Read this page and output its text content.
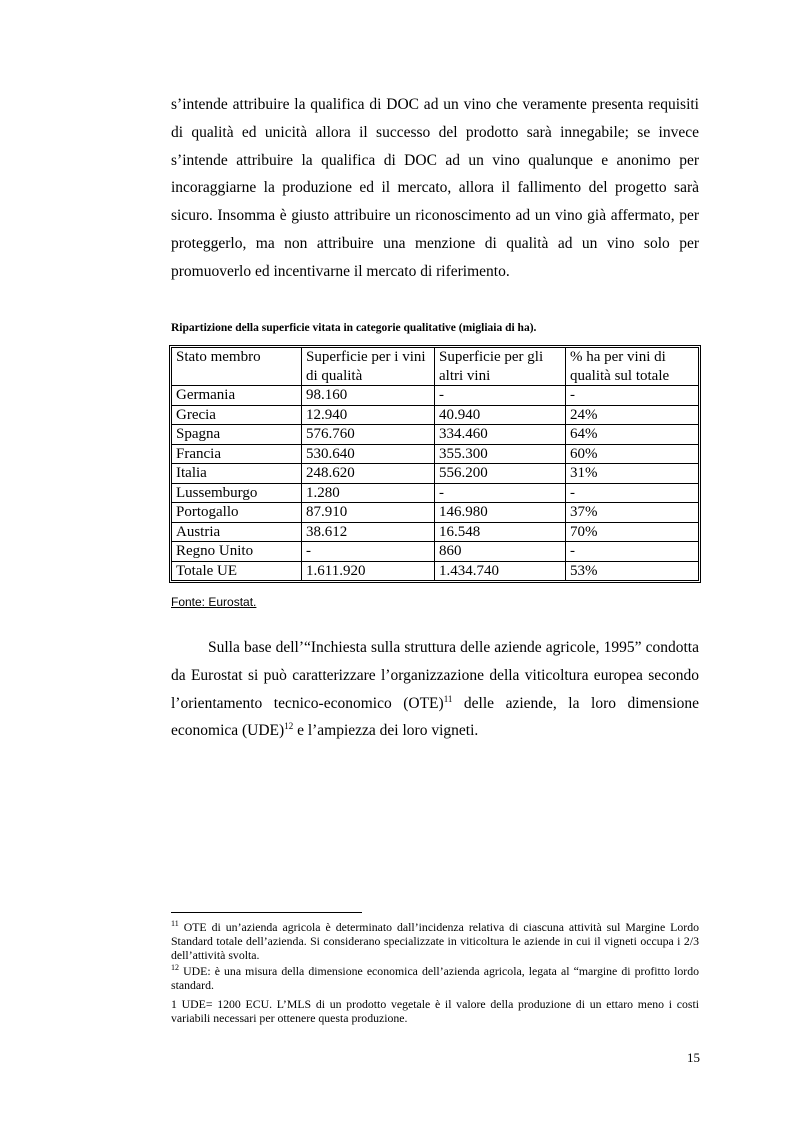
s’intende attribuire la qualifica di DOC ad un vino che veramente presenta requisiti di qualità ed unicità allora il successo del prodotto sarà innegabile; se invece s’intende attribuire la qualifica di DOC ad un vino qualunque e anonimo per incoraggiarne la produzione ed il mercato, allora il fallimento del progetto sarà sicuro. Insomma è giusto attribuire un riconoscimento ad un vino già affermato, per proteggerlo, ma non attribuire una menzione di qualità ad un vino solo per promuoverlo ed incentivarne il mercato di riferimento.

Ripartizione della superficie vitata in categorie qualitative (migliaia di ha).

Stato membro	Superficie per i vini di qualità	Superficie per gli altri vini	% ha per vini di qualità sul totale
Germania	98.160	-	-
Grecia	12.940	40.940	24%
Spagna	576.760	334.460	64%
Francia	530.640	355.300	60%
Italia	248.620	556.200	31%
Lussemburgo	1.280	-	-
Portogallo	87.910	146.980	37%
Austria	38.612	16.548	70%
Regno Unito	-	860	-
Totale UE	1.611.920	1.434.740	53%

Fonte: Eurostat.

Sulla base dell’“Inchiesta sulla struttura delle aziende agricole, 1995” condotta da Eurostat si può caratterizzare l’organizzazione della viticoltura europea secondo l’orientamento tecnico-economico (OTE)$^{11}$ delle aziende, la loro dimensione economica (UDE)$^{12}$ e l’ampiezza dei loro vigneti.

$^{11}$ OTE di un’azienda agricola è determinato dall’incidenza relativa di ciascuna attività sul Margine Lordo Standard totale dell’azienda. Si considerano specializzate in viticoltura le aziende in cui il vigneti occupa i 2/3 dell’attività svolta.

$^{12}$ UDE: è una misura della dimensione economica dell’azienda agricola, legata al “margine di profitto lordo standard.

1 UDE= 1200 ECU. L’MLS di un prodotto vegetale è il valore della produzione di un ettaro meno i costi variabili necessari per ottenere questa produzione.

15
